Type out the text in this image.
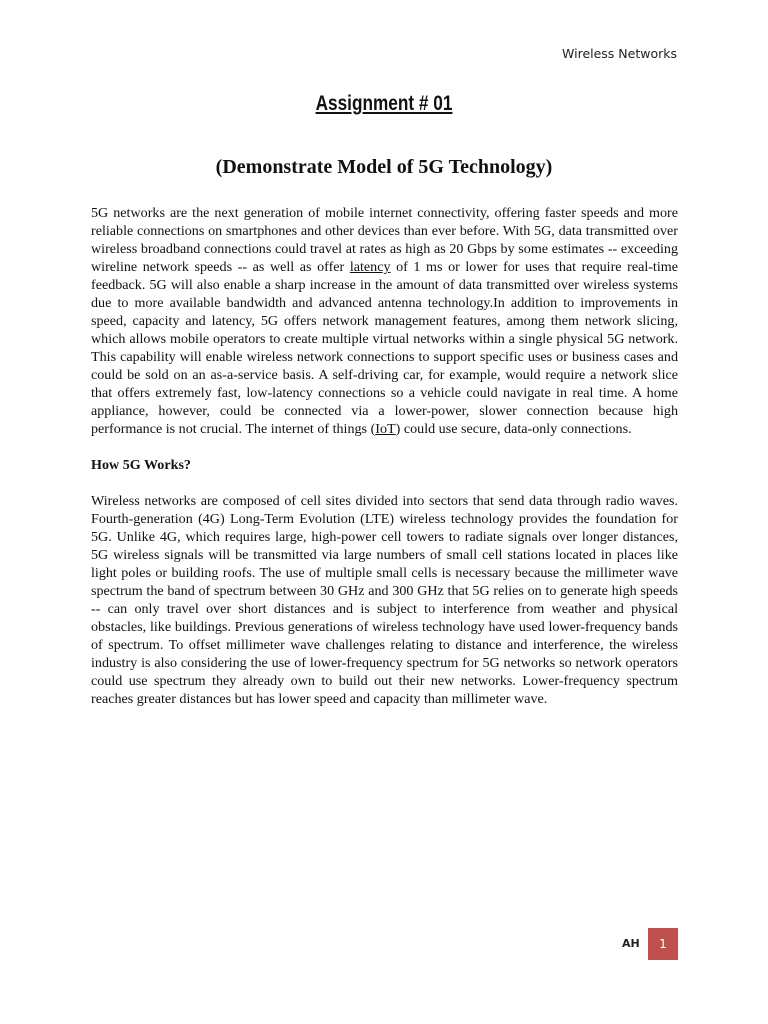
Wireless Networks
Assignment # 01
(Demonstrate Model of 5G Technology)

5G networks are the next generation of mobile internet connectivity, offering faster speeds and more reliable connections on smartphones and other devices than ever before. With 5G, data transmitted over wireless broadband connections could travel at rates as high as 20 Gbps by some estimates -- exceeding wireline network speeds -- as well as offer latency of 1 ms or lower for uses that require real-time feedback. 5G will also enable a sharp increase in the amount of data transmitted over wireless systems due to more available bandwidth and advanced antenna technology.In addition to improvements in speed, capacity and latency, 5G offers network management features, among them network slicing, which allows mobile operators to create multiple virtual networks within a single physical 5G network. This capability will enable wireless network connections to support specific uses or business cases and could be sold on an as-a-service basis. A self-driving car, for example, would require a network slice that offers extremely fast, low-latency connections so a vehicle could navigate in real time. A home appliance, however, could be connected via a lower-power, slower connection because high performance is not crucial. The internet of things (IoT) could use secure, data-only connections.

How 5G Works?

Wireless networks are composed of cell sites divided into sectors that send data through radio waves. Fourth-generation (4G) Long-Term Evolution (LTE) wireless technology provides the foundation for 5G. Unlike 4G, which requires large, high-power cell towers to radiate signals over longer distances, 5G wireless signals will be transmitted via large numbers of small cell stations located in places like light poles or building roofs. The use of multiple small cells is necessary because the millimeter wave spectrum the band of spectrum between 30 GHz and 300 GHz that 5G relies on to generate high speeds -- can only travel over short distances and is subject to interference from weather and physical obstacles, like buildings. Previous generations of wireless technology have used lower-frequency bands of spectrum. To offset millimeter wave challenges relating to distance and interference, the wireless industry is also considering the use of lower-frequency spectrum for 5G networks so network operators could use spectrum they already own to build out their new networks. Lower-frequency spectrum reaches greater distances but has lower speed and capacity than millimeter wave.

AH	1
